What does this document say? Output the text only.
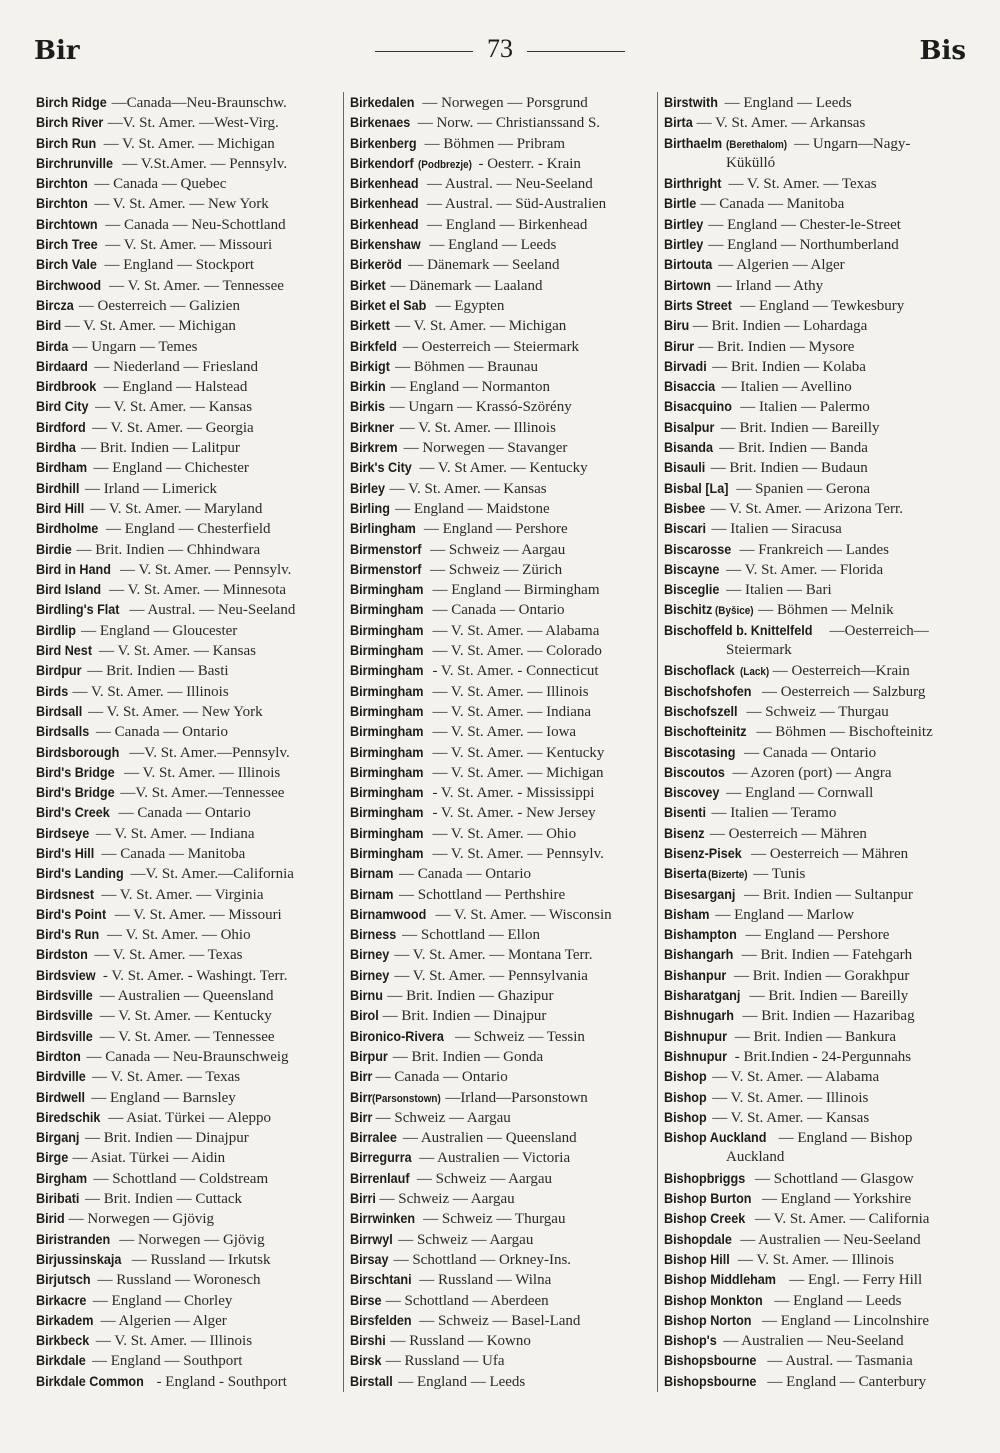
Bir	73	Bis
Birch Ridge —Canada—Neu-Braunschw.
Birch River —V. St. Amer. —West-Virg.
Birch Run — V. St. Amer. — Michigan
Birchrunville — V.St.Amer. — Pennsylv.
Birchton — Canada — Quebec
Birchton — V. St. Amer. — New York
Birchtown — Canada — Neu-Schottland
Birch Tree — V. St. Amer. — Missouri
Birch Vale — England — Stockport
Birchwood — V. St. Amer. — Tennessee
Bircza — Oesterreich — Galizien
Bird — V. St. Amer. — Michigan
Birda — Ungarn — Temes
Birdaard — Niederland — Friesland
Birdbrook — England — Halstead
Bird City — V. St. Amer. — Kansas
Birdford — V. St. Amer. — Georgia
Birdha — Brit. Indien — Lalitpur
Birdham — England — Chichester
Birdhill — Irland — Limerick
Bird Hill — V. St. Amer. — Maryland
Birdholme — England — Chesterfield
Birdie — Brit. Indien — Chhindwara
Bird in Hand — V. St. Amer. — Pennsylv.
Bird Island — V. St. Amer. — Minnesota
Birdling's Flat — Austral. — Neu-Seeland
Birdlip — England — Gloucester
Bird Nest — V. St. Amer. — Kansas
Birdpur — Brit. Indien — Basti
Birds — V. St. Amer. — Illinois
Birdsall — V. St. Amer. — New York
Birdsalls — Canada — Ontario
Birdsborough —V. St. Amer.—Pennsylv.
Bird's Bridge — V. St. Amer. — Illinois
Bird's Bridge —V. St. Amer.—Tennessee
Bird's Creek — Canada — Ontario
Birdseye — V. St. Amer. — Indiana
Bird's Hill — Canada — Manitoba
Bird's Landing —V. St. Amer.—California
Birdsnest — V. St. Amer. — Virginia
Bird's Point — V. St. Amer. — Missouri
Bird's Run — V. St. Amer. — Ohio
Birdston — V. St. Amer. — Texas
Birdsview - V. St. Amer. - Washingt. Terr.
Birdsville — Australien — Queensland
Birdsville — V. St. Amer. — Kentucky
Birdsville — V. St. Amer. — Tennessee
Birdton — Canada — Neu-Braunschweig
Birdville — V. St. Amer. — Texas
Birdwell — England — Barnsley
Biredschik — Asiat. Türkei — Aleppo
Birganj — Brit. Indien — Dinajpur
Birge — Asiat. Türkei — Aidin
Birgham — Schottland — Coldstream
Biribati — Brit. Indien — Cuttack
Birid — Norwegen — Gjövig
Biristranden — Norwegen — Gjövig
Birjussinskaja — Russland — Irkutsk
Birjutsch — Russland — Woronesch
Birkacre — England — Chorley
Birkadem — Algerien — Alger
Birkbeck — V. St. Amer. — Illinois
Birkdale — England — Southport
Birkdale Common - England - Southport
Birkedalen — Norwegen — Porsgrund
Birkenaes — Norw. — Christianssand S.
Birkenberg — Böhmen — Pribram
Birkendorf(Podbrezje) - Oesterr. - Krain
Birkenhead — Austral. — Neu-Seeland
Birkenhead — Austral. — Süd-Australien
Birkenhead — England — Birkenhead
Birkenshaw — England — Leeds
Birkeröd — Dänemark — Seeland
Birket — Dänemark — Laaland
Birket el Sab — Egypten
Birkett — V. St. Amer. — Michigan
Birkfeld — Oesterreich — Steiermark
Birkigt — Böhmen — Braunau
Birkin — England — Normanton
Birkis — Ungarn — Krassó-Szörény
Birkner — V. St. Amer. — Illinois
Birkrem — Norwegen — Stavanger
Birk's City — V. St Amer. — Kentucky
Birley — V. St. Amer. — Kansas
Birling — England — Maidstone
Birlingham — England — Pershore
Birmenstorf — Schweiz — Aargau
Birmenstorf — Schweiz — Zürich
Birmingham — England — Birmingham
Birmingham — Canada — Ontario
Birmingham — V. St. Amer. — Alabama
Birmingham — V. St. Amer. — Colorado
Birmingham - V. St. Amer. - Connecticut
Birmingham — V. St. Amer. — Illinois
Birmingham — V. St. Amer. — Indiana
Birmingham — V. St. Amer. — Iowa
Birmingham — V. St. Amer. — Kentucky
Birmingham — V. St. Amer. — Michigan
Birmingham - V. St. Amer. - Mississippi
Birmingham - V. St. Amer. - New Jersey
Birmingham — V. St. Amer. — Ohio
Birmingham — V. St. Amer. — Pennsylv.
Birnam — Canada — Ontario
Birnam — Schottland — Perthshire
Birnamwood — V. St. Amer. — Wisconsin
Birness — Schottland — Ellon
Birney — V. St. Amer. — Montana Terr.
Birney — V. St. Amer. — Pennsylvania
Birnu — Brit. Indien — Ghazipur
Birol — Brit. Indien — Dinajpur
Bironico-Rivera — Schweiz — Tessin
Birpur — Brit. Indien — Gonda
Birr — Canada — Ontario
Birr(Parsonstown) —Irland—Parsonstown
Birr — Schweiz — Aargau
Birralee — Australien — Queensland
Birregurra — Australien — Victoria
Birrenlauf — Schweiz — Aargau
Birri — Schweiz — Aargau
Birrwinken — Schweiz — Thurgau
Birrwyl — Schweiz — Aargau
Birsay — Schottland — Orkney-Ins.
Birschtani — Russland — Wilna
Birse — Schottland — Aberdeen
Birsfelden — Schweiz — Basel-Land
Birshi — Russland — Kowno
Birsk — Russland — Ufa
Birstall — England — Leeds
Birstwith — England — Leeds
Birta — V. St. Amer. — Arkansas
Birthaelm(Berethalom) — Ungarn—Nagy-
Kükülló
Birthright — V. St. Amer. — Texas
Birtle — Canada — Manitoba
Birtley — England — Chester-le-Street
Birtley — England — Northumberland
Birtouta — Algerien — Alger
Birtown — Irland — Athy
Birts Street — England — Tewkesbury
Biru — Brit. Indien — Lohardaga
Birur — Brit. Indien — Mysore
Birvadi — Brit. Indien — Kolaba
Bisaccia — Italien — Avellino
Bisacquino — Italien — Palermo
Bisalpur — Brit. Indien — Bareilly
Bisanda — Brit. Indien — Banda
Bisauli — Brit. Indien — Budaun
Bisbal [La] — Spanien — Gerona
Bisbee — V. St. Amer. — Arizona Terr.
Biscari — Italien — Siracusa
Biscarosse — Frankreich — Landes
Biscayne — V. St. Amer. — Florida
Bisceglie — Italien — Bari
Bischitz(Byšice) — Böhmen — Melnik
Bischoffeld b. Knittelfeld —Oesterreich—
Steiermark
Bischoflack(Lack) — Oesterreich—Krain
Bischofshofen — Oesterreich — Salzburg
Bischofszell — Schweiz — Thurgau
Bischofteinitz — Böhmen — Bischofteinitz
Biscotasing — Canada — Ontario
Biscoutos — Azoren (port) — Angra
Biscovey — England — Cornwall
Bisenti — Italien — Teramo
Bisenz — Oesterreich — Mähren
Bisenz-Pisek — Oesterreich — Mähren
Biserta(Bizerte) — Tunis
Bisesarganj — Brit. Indien — Sultanpur
Bisham — England — Marlow
Bishampton — England — Pershore
Bishangarh — Brit. Indien — Fatehgarh
Bishanpur — Brit. Indien — Gorakhpur
Bisharatganj — Brit. Indien — Bareilly
Bishnugarh — Brit. Indien — Hazaribag
Bishnupur — Brit. Indien — Bankura
Bishnupur - Brit.Indien - 24-Pergunnahs
Bishop — V. St. Amer. — Alabama
Bishop — V. St. Amer. — Illinois
Bishop — V. St. Amer. — Kansas
Bishop Auckland — England — Bishop
Auckland
Bishopbriggs — Schottland — Glasgow
Bishop Burton — England — Yorkshire
Bishop Creek — V. St. Amer. — California
Bishopdale — Australien — Neu-Seeland
Bishop Hill — V. St. Amer. — Illinois
Bishop Middleham — Engl. — Ferry Hill
Bishop Monkton — England — Leeds
Bishop Norton — England — Lincolnshire
Bishop's — Australien — Neu-Seeland
Bishopsbourne — Austral. — Tasmania
Bishopsbourne — England — Canterbury
